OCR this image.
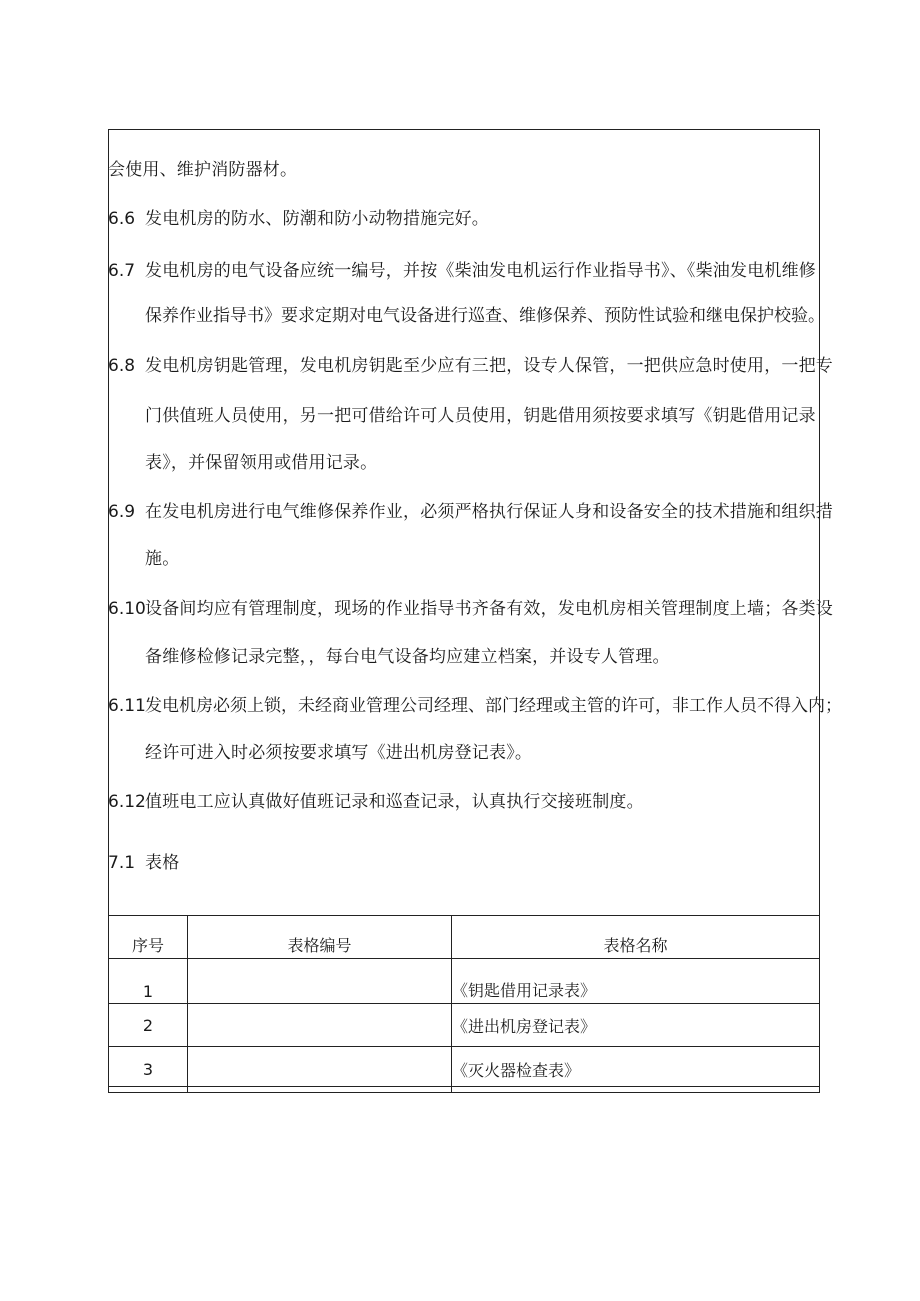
会使用、维护消防器材。
6.6 发电机房的防水、防潮和防小动物措施完好。
6.7 发电机房的电气设备应统一编号，并按《柴油发电机运行作业指导书》、《柴油发电机维修
保养作业指导书》要求定期对电气设备进行巡查、维修保养、预防性试验和继电保护校验。
6.8 发电机房钥匙管理，发电机房钥匙至少应有三把，设专人保管，一把供应急时使用，一把专
门供值班人员使用，另一把可借给许可人员使用，钥匙借用须按要求填写《钥匙借用记录
表》，并保留领用或借用记录。
6.9 在发电机房进行电气维修保养作业，必须严格执行保证人身和设备安全的技术措施和组织措
施。
6.10 设备间均应有管理制度，现场的作业指导书齐备有效，发电机房相关管理制度上墙；各类设
备维修检修记录完整，，每台电气设备均应建立档案，并设专人管理。
6.11 发电机房必须上锁，未经商业管理公司经理、部门经理或主管的许可，非工作人员不得入内；
经许可进入时必须按要求填写《进出机房登记表》。
6.12 值班电工应认真做好值班记录和巡查记录，认真执行交接班制度。
7.1 表格
序号	表格编号	表格名称
1		《钥匙借用记录表》
2		《进出机房登记表》
3		《灭火器检查表》
